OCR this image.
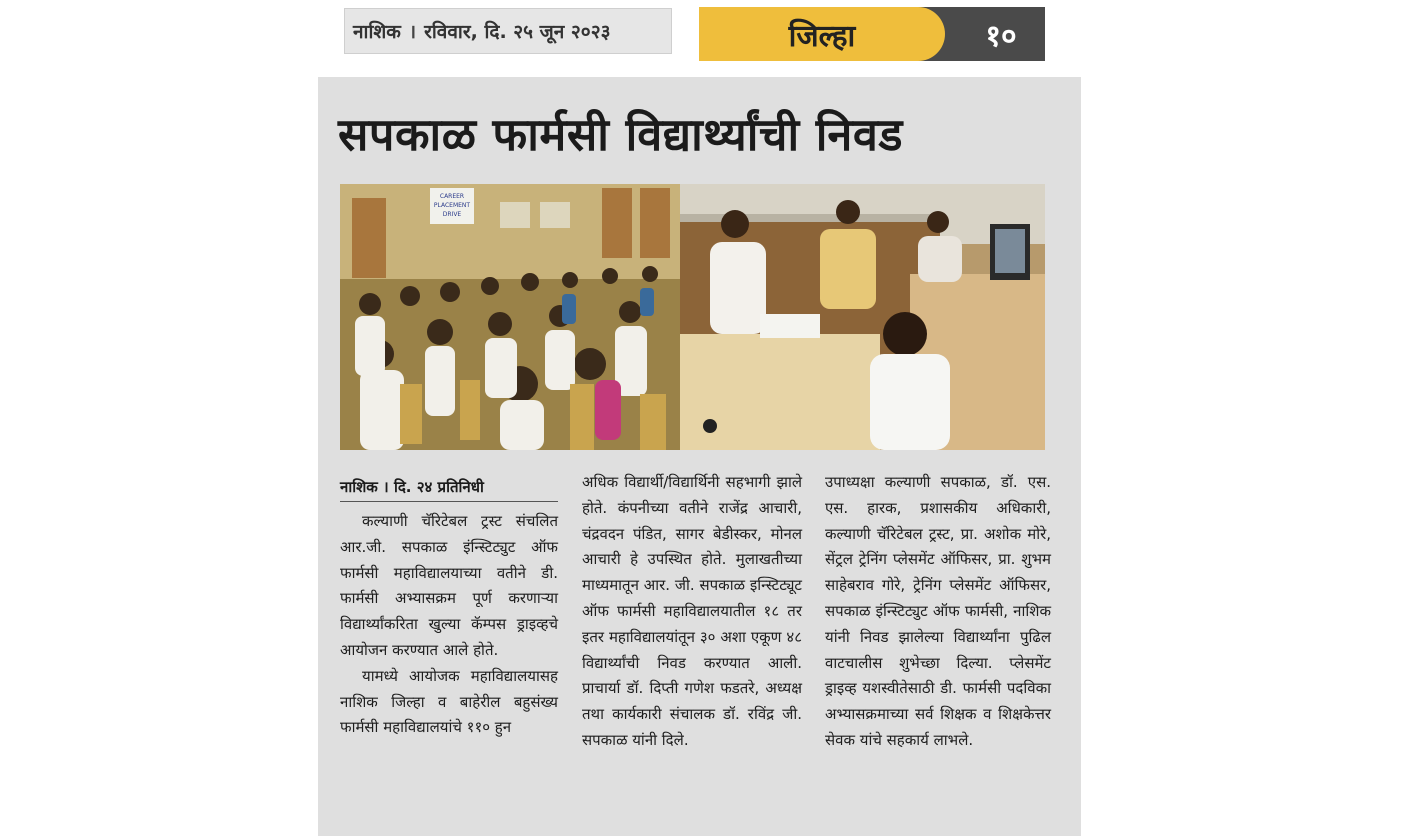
नाशिक । रविवार, दि. २५ जून २०२३	जिल्हा	१०
सपकाळ फार्मसी विद्यार्थ्यांची निवड
CAREER
PLACEMENT
DRIVE
नाशिक । दि. २४ प्रतिनिधी

कल्याणी चॅरिटेबल ट्रस्ट संचलित आर.जी. सपकाळ इंन्स्टिट्युट ऑफ फार्मसी महाविद्यालयाच्या वतीने डी. फार्मसी अभ्यासक्रम पूर्ण करणाऱ्या विद्यार्थ्यांकरिता खुल्या कॅम्पस ड्राइव्हचे आयोजन करण्यात आले होते.

यामध्ये आयोजक महाविद्यालयासह नाशिक जिल्हा व बाहेरील बहुसंख्य फार्मसी महाविद्यालयांचे ११० हुन

अधिक विद्यार्थी/विद्यार्थिनी सहभागी झाले होते. कंपनीच्या वतीने राजेंद्र आचारी, चंद्रवदन पंडित, सागर बेडीस्कर, मोनल आचारी हे उपस्थित होते. मुलाखतीच्या माध्यमातून आर. जी. सपकाळ इन्स्टिट्यूट ऑफ फार्मसी महाविद्यालयातील १८ तर इतर महाविद्यालयांतून ३० अशा एकूण ४८ विद्यार्थ्यांची निवड करण्यात आली. प्राचार्या डॉ. दिप्ती गणेश फडतरे, अध्यक्ष तथा कार्यकारी संचालक डॉ. रविंद्र जी. सपकाळ यांनी दिले.

उपाध्यक्षा कल्याणी सपकाळ, डॉ. एस. एस. हारक, प्रशासकीय अधिकारी, कल्याणी चॅरिटेबल ट्रस्ट, प्रा. अशोक मोरे, सेंट्रल ट्रेनिंग प्लेसमेंट ऑफिसर, प्रा. शुभम साहेबराव गोरे, ट्रेनिंग प्लेसमेंट ऑफिसर, सपकाळ इंन्स्टिट्युट ऑफ फार्मसी, नाशिक यांनी निवड झालेल्या विद्यार्थ्यांना पुढिल वाटचालीस शुभेच्छा दिल्या. प्लेसमेंट ड्राइव्ह यशस्वीतेसाठी डी. फार्मसी पदविका अभ्यासक्रमाच्या सर्व शिक्षक व शिक्षकेत्तर सेवक यांचे सहकार्य लाभले.
